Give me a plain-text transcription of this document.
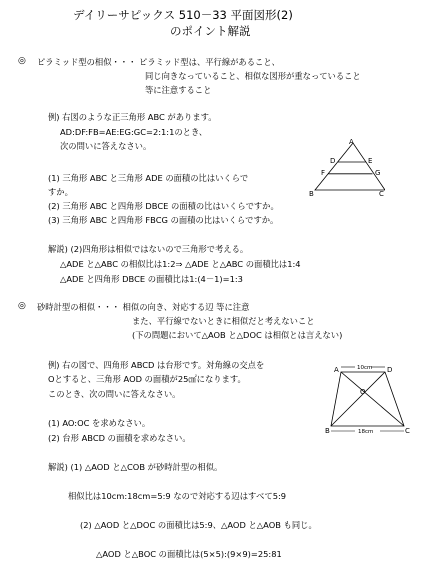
デイリーサピックス 510－33 平面図形(2)
のポイント解説
◎ ピラミッド型の相似・・・ ピラミッド型は、平行線があること、
同じ向きなっていること、相似な図形が重なっていること
等に注意すること
例) 右図のような正三角形 ABC があります。
AD:DF:FB=AE:EG:GC=2:1:1のとき、
次の問いに答えなさい。
(1) 三角形 ABC と三角形 ADE の面積の比はいくらで
すか。
(2) 三角形 ABC と四角形 DBCE の面積の比はいくらですか。
(3) 三角形 ABC と四角形 FBCG の面積の比はいくらですか。
解説) (2)四角形は相似ではないので三角形で考える。
△ADE と△ABC の相似比は1:2⇒ △ADE と△ABC の面積比は1:4
△ADE と四角形 DBCE の面積比は1:(4－1)=1:3
A
D	E
F	G
B	C
◎ 砂時計型の相似・・・ 相似の向き、対応する辺 等に注意
また、平行線でないときに相似だと考えないこと
(下の問題において△AOB と△DOC は相似とは言えない)
例) 右の図で、四角形 ABCD は台形です。対角線の交点を
Oとすると、三角形 AOD の面積が25㎠になります。
このとき、次の問いに答えなさい。
(1) AO:OC を求めなさい。
(2) 台形 ABCD の面積を求めなさい。
解説) (1) △AOD と△COB が砂時計型の相似。
相似比は10cm:18cm=5:9 なので対応する辺はすべて5:9
(2) △AOD と△DOC の面積比は5:9、△AOD と△AOB も同じ。
△AOD と△BOC の面積比は(5×5):(9×9)=25:81
10cm
18cm
A	D
O
B	C
